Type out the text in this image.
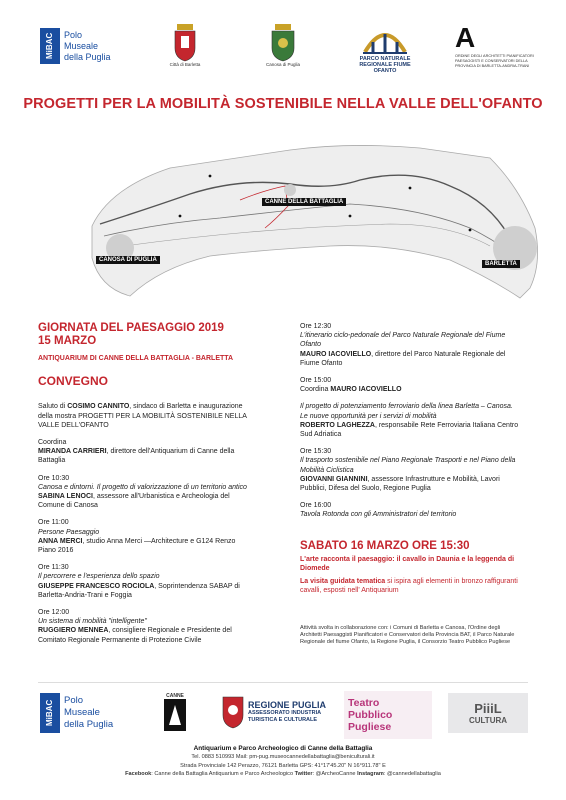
MiBAC	Polo
Museale
della Puglia
Città di Barletta	Canosa di Puglia
PARCO NATURALE REGIONALE FIUME OFANTO
A
ORDINE DEGLI ARCHITETTI PIANIFICATORI PAESAGGISTI E CONSERVATORI DELLA PROVINCIA DI BARLETTA-ANDRIA-TRANI
PROGETTI PER LA MOBILITÀ SOSTENIBILE NELLA VALLE DELL'OFANTO
CANNE DELLA BATTAGLIA
CANOSA DI PUGLIA
BARLETTA
GIORNATA DEL PAESAGGIO 2019
15 MARZO
ANTIQUARIUM DI CANNE DELLA BATTAGLIA - BARLETTA
CONVEGNO
Saluto di COSIMO CANNITO, sindaco di Barletta e inaugurazione della mostra PROGETTI PER LA MOBILITÀ SOSTENIBILE NELLA VALLE DELL'OFANTO
Coordina
MIRANDA CARRIERI, direttore dell'Antiquarium di Canne della Battaglia
Ore 10:30
Canosa e dintorni. Il progetto di valorizzazione di un territorio antico
SABINA LENOCI, assessore all'Urbanistica e Archeologia del Comune di Canosa
Ore 11:00
Persone Paesaggio
ANNA MERCI, studio Anna Merci —Architecture e G124 Renzo Piano 2016
Ore 11:30
Il percorrere e l'esperienza dello spazio
GIUSEPPE FRANCESCO ROCIOLA, Soprintendenza SABAP di Barletta-Andria-Trani e Foggia
Ore 12:00
Un sistema di mobilità "intelligente"
RUGGIERO MENNEA, consigliere Regionale e Presidente del Comitato Regionale Permanente di Protezione Civile
Ore 12:30
L'itinerario ciclo-pedonale del Parco Naturale Regionale del Fiume Ofanto
MAURO IACOVIELLO, direttore del Parco Naturale Regionale del Fiume Ofanto
Ore 15:00
Coordina MAURO IACOVIELLO
Il progetto di potenziamento ferroviario della linea Barletta – Canosa. Le nuove opportunità per i servizi di mobilità
ROBERTO LAGHEZZA, responsabile Rete Ferroviaria Italiana Centro Sud Adriatica
Ore 15:30
Il trasporto sostenibile nel Piano Regionale Trasporti e nel Piano della Mobilità Ciclistica
GIOVANNI GIANNINI, assessore Infrastrutture e Mobilità, Lavori Pubblici, Difesa del Suolo, Regione Puglia
Ore 16:00
Tavola Rotonda con gli Amministratori del territorio
SABATO 16 MARZO ORE 15:30
L'arte racconta il paesaggio: il cavallo in Daunia e la leggenda di Diomede
La visita guidata tematica si ispira agli elementi in bronzo raffiguranti cavalli, esposti nell' Antiquarium
Attività svolta in collaborazione con: i Comuni di Barletta e Canosa, l'Ordine degli Architetti Paesaggisti Pianificatori e Conservatori della Provincia BAT, il Parco Naturale Regionale del fiume Ofanto, la Regione Puglia, il Consorzio Teatro Pubblico Pugliese
MiBAC	Polo
Museale
della Puglia
CANNE
REGIONE PUGLIA
ASSESSORATO INDUSTRIA TURISTICA E CULTURALE
Teatro
Pubblico
Pugliese
PiiiL
CULTURA
Antiquarium e Parco Archeologico di Canne della Battaglia
Tel. 0883 510993 Mail: pm-pug.museocannedellabattaglia@beniculturali.it
Strada Provinciale 142 Perazzo, 76121 Barletta GPS: 41°17'45.20" N 16°911.78" E
Facebook: Canne della Battaglia Antiquarium e Parco Archeologico Twitter: @ArcheoCanne Instagram: @cannedellabattaglia
